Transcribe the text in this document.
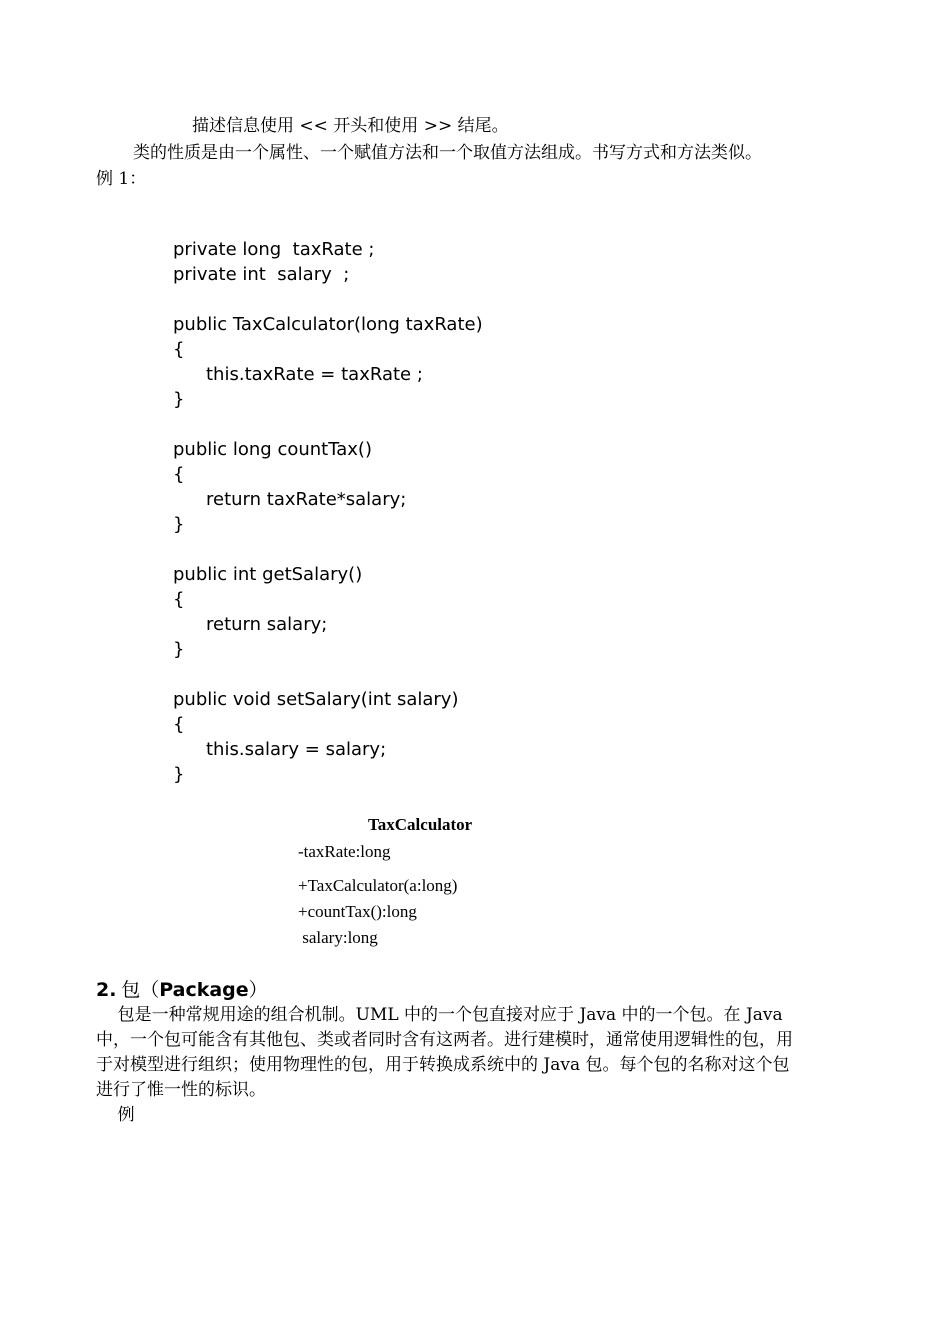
描述信息使用 << 开头和使用 >> 结尾。
类的性质是由一个属性、一个赋值方法和一个取值方法组成。书写方式和方法类似。
例 1：
private long  taxRate ;
private int  salary  ;
public TaxCalculator(long taxRate)
{
this.taxRate = taxRate ;
}
public long countTax()
{
return taxRate*salary;
}
public int getSalary()
{
return salary;
}
public void setSalary(int salary)
{
this.salary = salary;
}
TaxCalculator
-taxRate:long
+TaxCalculator(a:long)
+countTax():long
salary:long
2. 包（Package）
包是一种常规用途的组合机制。UML 中的一个包直接对应于 Java 中的一个包。在 Java
中，一个包可能含有其他包、类或者同时含有这两者。进行建模时，通常使用逻辑性的包，用
于对模型进行组织；使用物理性的包，用于转换成系统中的 Java 包。每个包的名称对这个包
进行了惟一性的标识。
例
